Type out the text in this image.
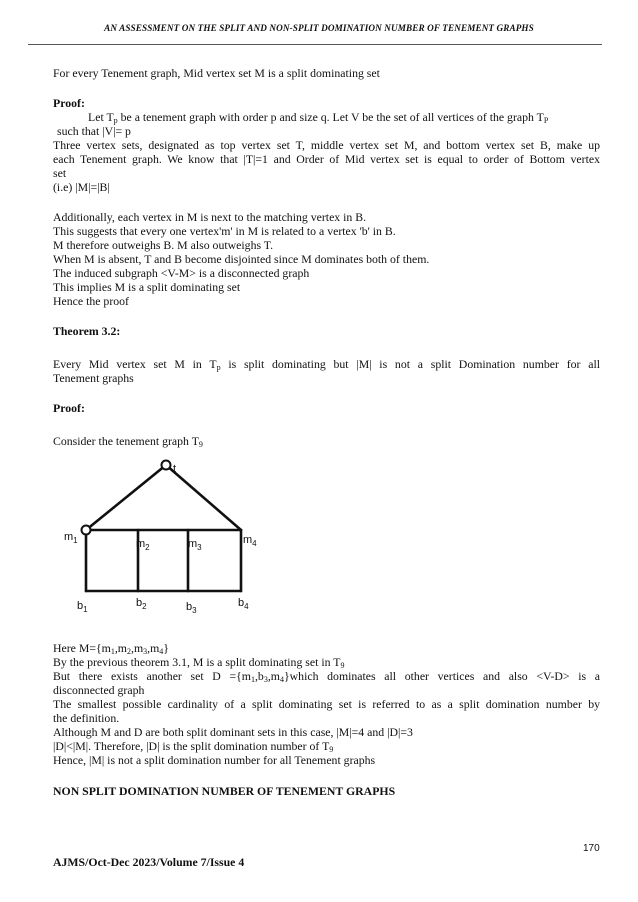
AN ASSESSMENT ON THE SPLIT AND NON-SPLIT DOMINATION NUMBER OF TENEMENT GRAPHS
For every Tenement graph, Mid vertex set M is a split dominating set
Proof:
Let $T_p$ be a tenement graph with order p and size q. Let V be the set of all vertices of the graph $T_P$
such that |V|= p
Three vertex sets, designated as top vertex set T, middle vertex set M, and bottom vertex set B, make up
each Tenement graph. We know that |T|=1 and Order of Mid vertex set is equal to order of Bottom vertex
set
(i.e) |M|=|B|
Additionally, each vertex in M is next to the matching vertex in B.
This suggests that every one vertex'm' in M is related to a vertex 'b' in B.
M therefore outweighs B. M also outweighs T.
When M is absent, T and B become disjointed since M dominates both of them.
The induced subgraph <V-M> is a disconnected graph
This implies M is a split dominating set
Hence the proof
Theorem 3.2:
Every Mid vertex set M in $T_p$ is split dominating but |M| is not a split Domination number for all
Tenement graphs
Proof:
Consider the tenement graph $T_9$
t
$m_1$	$m_2$	$m_3$
$m_4$
$b_1$
$b_2$	$b_3$
$b_4$
Here $M=\{m_1,m_2,m_3,m_4\}$
By the previous theorem 3.1, M is a split dominating set in $T_9$
But there exists another set $D =\{m_1,b_3,m_4\}which$ dominates all other vertices and also <V-D> is a
disconnected graph
The smallest possible cardinality of a split dominating set is referred to as a split domination number by
the definition.
Although M and D are both split dominant sets in this case, |M|=4 and |D|=3
|D|<|M|. Therefore, |D| is the split domination number of $T_9$
Hence, |M| is not a split domination number for all Tenement graphs
NON SPLIT DOMINATION NUMBER OF TENEMENT GRAPHS
170
AJMS/Oct-Dec 2023/Volume 7/Issue 4
